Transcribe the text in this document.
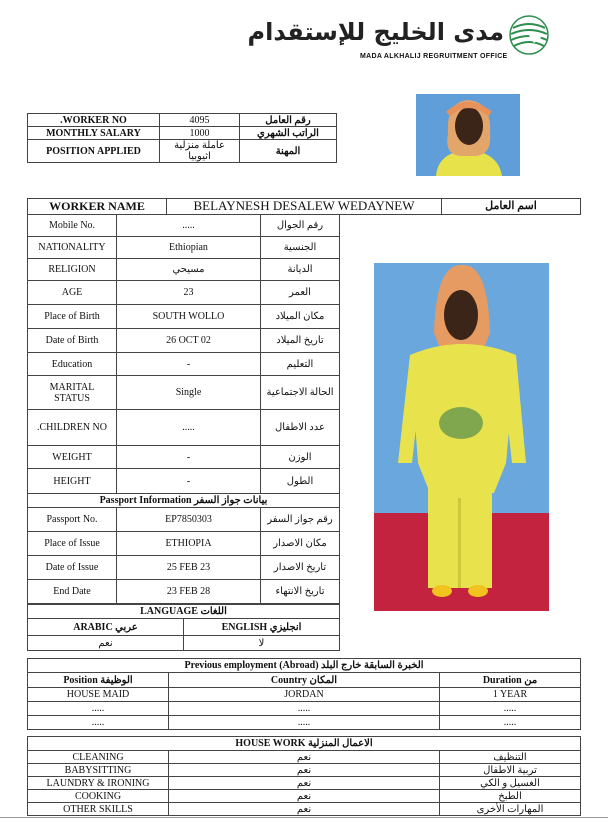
مدى الخليج للإستقدام
MADA ALKHALIJ REGRUITMENT OFFICE
.WORKER NO	4095	رقم العامل
MONTHLY SALARY	1000	الراتب الشهري
POSITION APPLIED	عاملة منزلية اثيوبيا	المهنة
WORKER NAME	BELAYNESH DESALEW WEDAYNEW	اسم العامل
Mobile No.	.....	رقم الجوال
NATIONALITY	Ethiopian	الجنسية
RELIGION	مسيحي	الديانة
AGE	23	العمر
Place of Birth	SOUTH WOLLO	مكان الميلاد
Date of Birth	26 OCT 02	تاريخ الميلاد
Education	-	التعليم
MARITAL STATUS	Single	الحالة الاجتماعية
.CHILDREN NO	.....	عدد الاطفال
WEIGHT	-	الوزن
HEIGHT	-	الطول
Passport Information بيانات جواز السفر		
Passport No.	EP7850303	رقم جواز السفر
Place of Issue	ETHIOPIA	مكان الاصدار
Date of Issue	25 FEB 23	تاريخ الاصدار
End Date	23 FEB 28	تاريخ الانتهاء
LANGUAGE اللغات	
ARABIC عربي	ENGLISH انجليزي
نعم	لا
Previous employment (Abroad) الخبرة السابقة خارج البلد		
Position الوظيفة	Country المكان	Duration من
HOUSE MAID	JORDAN	1 YEAR
.....	.....	.....
.....	.....	.....
HOUSE WORK الاعمال المنزلية		
CLEANING	نعم	التنظيف
BABYSITTING	نعم	تربية الاطفال
LAUNDRY & IRONING	نعم	الغسيل و الكي
COOKING	نعم	الطبخ
OTHER SKILLS	نعم	المهارات الأخرى
